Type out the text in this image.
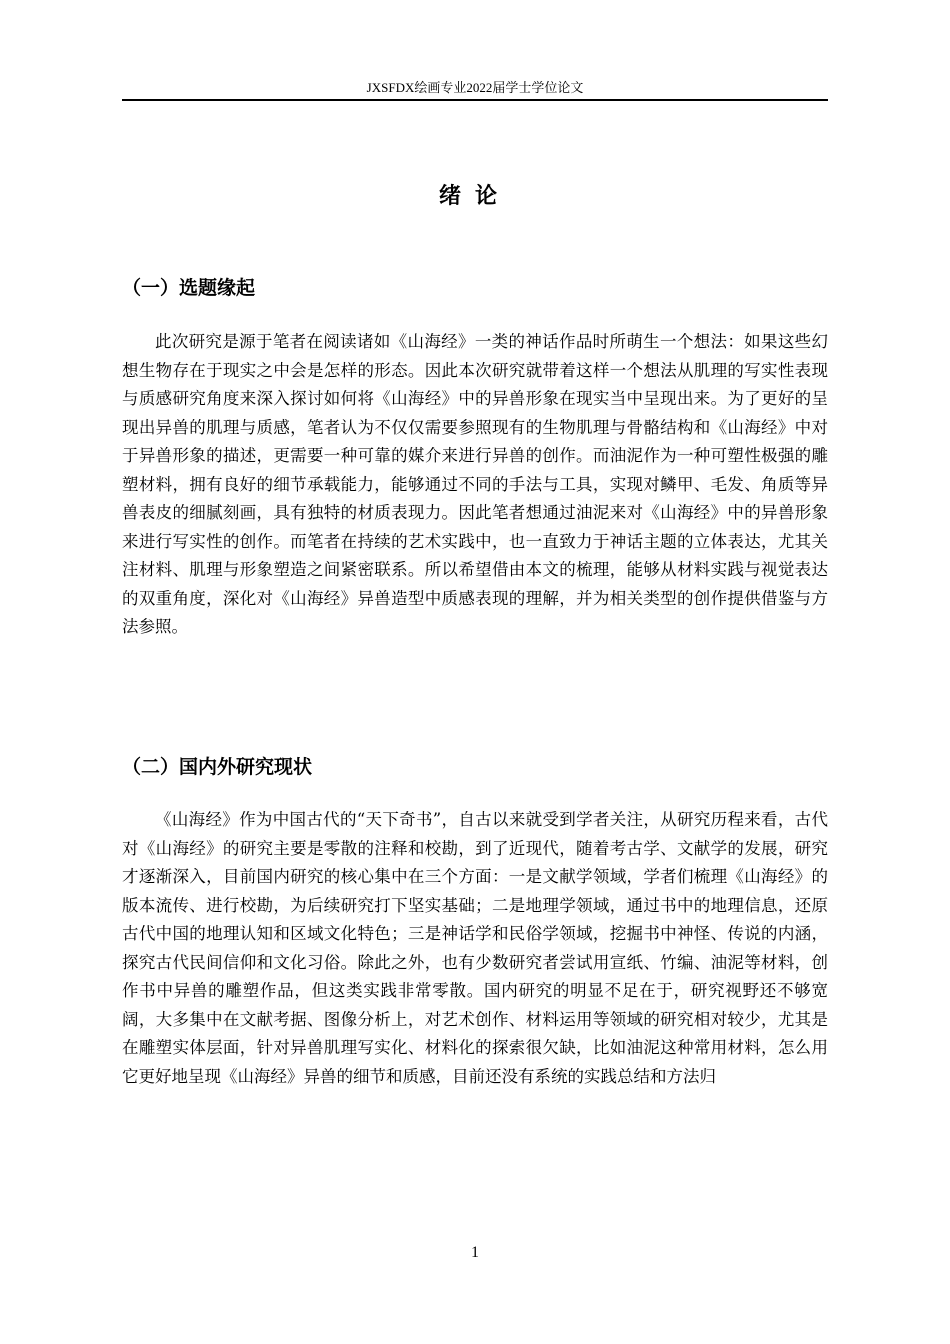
JXSFDX绘画专业2022届学士学位论文
绪论
（一）选题缘起

此次研究是源于笔者在阅读诸如《山海经》一类的神话作品时所萌生一个想法：如果这些幻想生物存在于现实之中会是怎样的形态。因此本次研究就带着这样一个想法从肌理的写实性表现与质感研究角度来深入探讨如何将《山海经》中的异兽形象在现实当中呈现出来。为了更好的呈现出异兽的肌理与质感，笔者认为不仅仅需要参照现有的生物肌理与骨骼结构和《山海经》中对于异兽形象的描述，更需要一种可靠的媒介来进行异兽的创作。而油泥作为一种可塑性极强的雕塑材料，拥有良好的细节承载能力，能够通过不同的手法与工具，实现对鳞甲、毛发、角质等异兽表皮的细腻刻画，具有独特的材质表现力。因此笔者想通过油泥来对《山海经》中的异兽形象来进行写实性的创作。而笔者在持续的艺术实践中，也一直致力于神话主题的立体表达，尤其关注材料、肌理与形象塑造之间紧密联系。所以希望借由本文的梳理，能够从材料实践与视觉表达的双重角度，深化对《山海经》异兽造型中质感表现的理解，并为相关类型的创作提供借鉴与方法参照。

（二）国内外研究现状

《山海经》作为中国古代的“天下奇书”，自古以来就受到学者关注，从研究历程来看，古代对《山海经》的研究主要是零散的注释和校勘，到了近现代，随着考古学、文献学的发展，研究才逐渐深入，目前国内研究的核心集中在三个方面：一是文献学领域，学者们梳理《山海经》的版本流传、进行校勘，为后续研究打下坚实基础；二是地理学领域，通过书中的地理信息，还原古代中国的地理认知和区域文化特色；三是神话学和民俗学领域，挖掘书中神怪、传说的内涵，探究古代民间信仰和文化习俗。除此之外，也有少数研究者尝试用宣纸、竹编、油泥等材料，创作书中异兽的雕塑作品，但这类实践非常零散。国内研究的明显不足在于，研究视野还不够宽阔，大多集中在文献考据、图像分析上，对艺术创作、材料运用等领域的研究相对较少，尤其是在雕塑实体层面，针对异兽肌理写实化、材料化的探索很欠缺，比如油泥这种常用材料，怎么用它更好地呈现《山海经》异兽的细节和质感，目前还没有系统的实践总结和方法归

1
